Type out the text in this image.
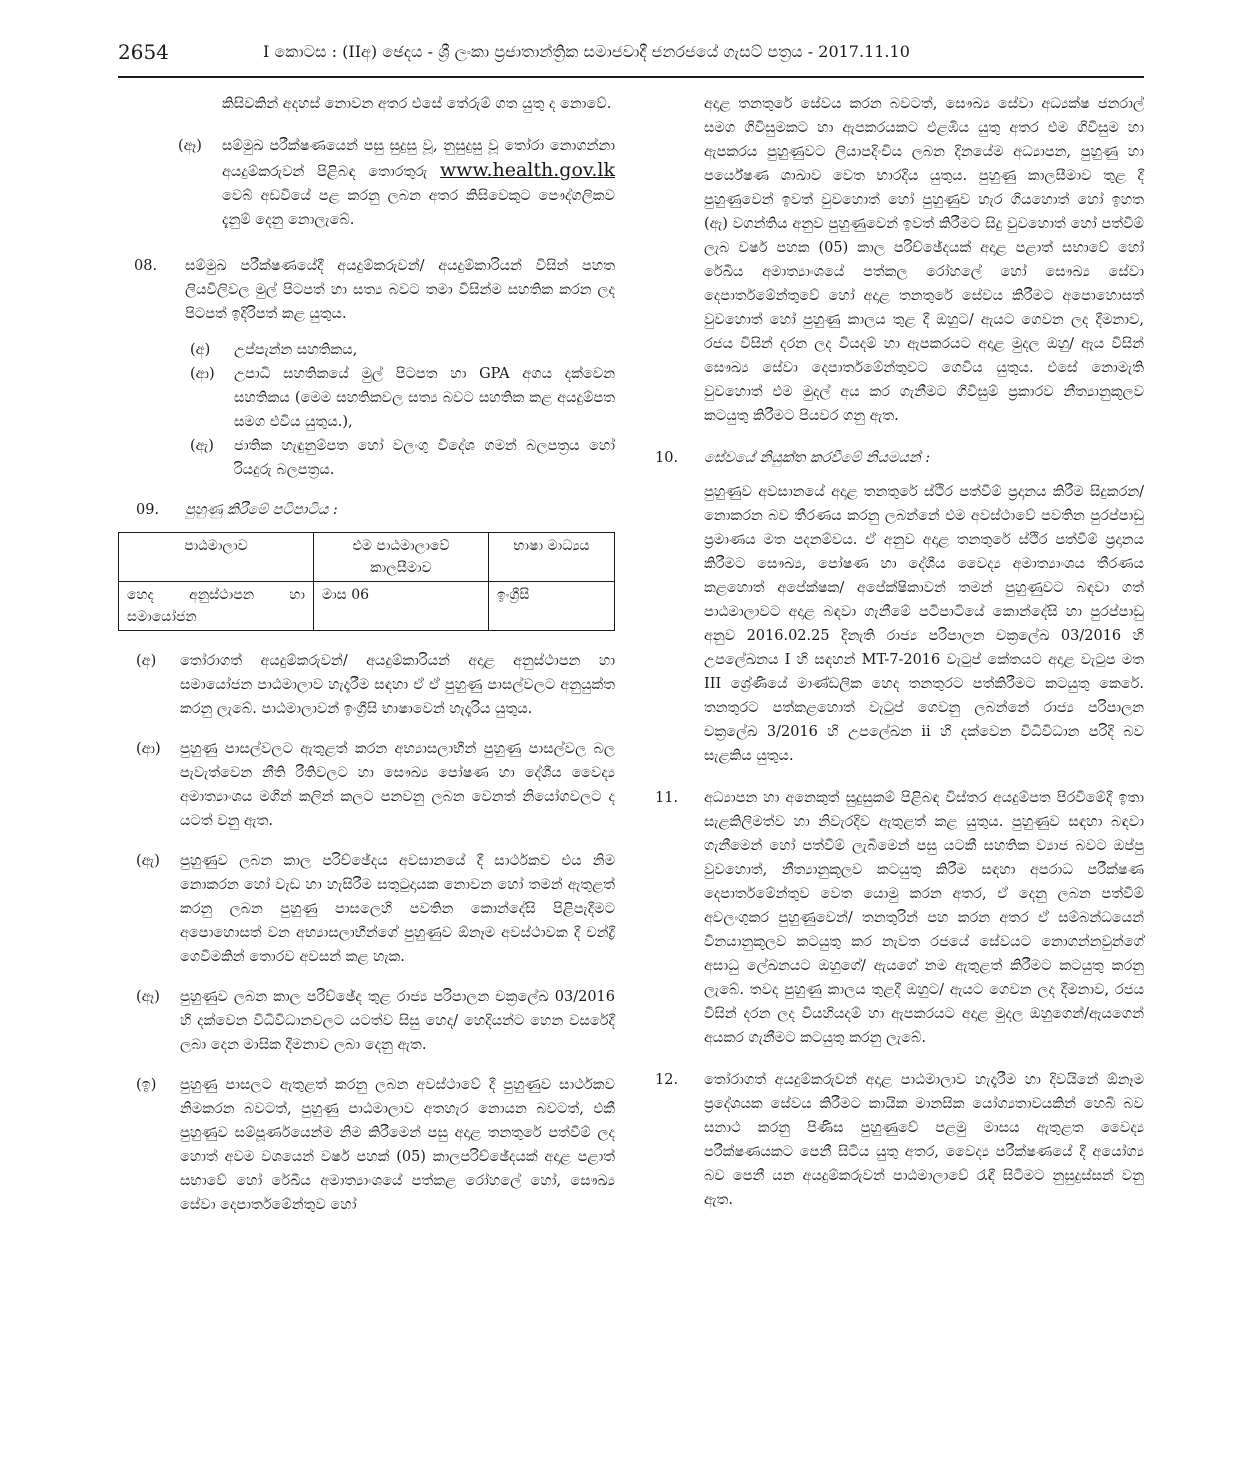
2654	I කොටස : (IIඅ) ඡෙදය - ශ්‍රී ලංකා ප්‍රජාතාන්ත්‍රික සමාජවාදී ජනරජයේ ගැසට් පත්‍රය - 2017.11.10

කිසිවකින් අදහස් නොවන අතර එසේ තේරුම් ගත යුතු ද නොවේ.

(ඈ)	සම්මුඛ පරීක්ෂණයෙන් පසු සුදුසු වූ, නුසුදුසු වූ තෝරා නොගන්නා අයදුම්කරුවන් පිළිබඳ තොරතුරු www.health.gov.lk වෙබ් අඩවියේ පළ කරනු ලබන අතර කිසිවෙකුට පෞද්ගලිකව දැනුම් දෙනු නොලැබේ.

08.	සම්මුඛ පරීක්ෂණයේදී අයදුම්කරුවන්/ අයදුම්කාරියන් විසින් පහත ලියවිලිවල මුල් පිටපත් හා සත්‍ය බවට තමා විසින්ම සහතික කරන ලද පිටපත් ඉදිරිපත් කළ යුතුය.

(අ)	උප්පැන්න සහතිකය,

(ආ)	උපාධි සහතිකයේ මුල් පිටපත හා GPA අගය දක්වෙන සහතිකය (මෙම සහතිකවල සත්‍ය බවට සහතික කළ අයදුම්පත සමග එවිය යුතුය.),

(ඇ)	ජාතික හැඳුනුම්පත හෝ වලංගු විදේශ ගමන් බලපත්‍රය හෝ රියදුරු බලපත්‍රය.

09.	පුහුණු කිරීමේ පටිපාටිය :

පාඨමාලාව	එම පාඨමාලාවේ කාලසීමාව	භාෂා මාධ්‍යය
හෙද අනුස්ථාපන හා සමායෝජන	මාස 06	ඉංග්‍රීසි
(අ)	තෝරාගත් අයදුම්කරුවන්/ අයදුම්කාරියන් අදාළ අනුස්ථාපන හා සමායෝජන පාඨමාලාව හැදෑරීම සඳහා ඒ ඒ පුහුණු පාසල්වලට අනුයුක්ත කරනු ලැබේ. පාඨමාලාවන් ඉංග්‍රීසි භාෂාවෙන් හැදෑරිය යුතුය.

(ආ)	පුහුණු පාසල්වලට ඇතුළත් කරන අභ්‍යාසලාභීන් පුහුණු පාසල්වල බල පැවැත්වෙන නීති රීතිවලට හා සෞඛ්‍ය පෝෂණ හා දේශීය වෛද්‍ය අමාත්‍යාංශය මගින් කලින් කලට පනවනු ලබන වෙනත් නියෝගවලට ද යටත් වනු ඇත.

(ඇ)	පුහුණුව ලබන කාල පරිච්ඡේදය අවසානයේ දී සාර්ථකව එය නිම නොකරන හෝ වැඩ හා හැසිරීම සතුටුදායක නොවන හෝ තමන් ඇතුළත් කරනු ලබන පුහුණු පාසලෙහි පවතින කොන්දේසි පිළිපැදීමට අපොහොසත් වන අභ්‍යාසලාභීන්ගේ පුහුණුව ඕනෑම අවස්ථාවක දී චන්ද්‍රී ගෙවීමකින් තොරව අවසන් කළ හැක.

(ඈ)	පුහුණුව ලබන කාල පරිච්ඡේද තුළ රාජ්‍ය පරිපාලන චක්‍රලේඛ 03/2016 හි දක්වෙන විධිවිධානවලට යටත්ව සිසු හෙද/ හෙදියන්ට හෙන වසරේදී ලබා දෙන මාසික දීමනාව ලබා දෙනු ඇත.

(ඉ)	පුහුණු පාසලට ඇතුළත් කරනු ලබන අවස්ථාවේ දී පුහුණුව සාර්ථකව නිමකරන බවටත්, පුහුණු පාඨමාලාව අතහැර නොයන බවටත්, එකී පුහුණුව සම්පූර්ණයෙන්ම නිම කිරීමෙන් පසු අදාළ තනතුරේ පත්වීම් ලද හොත් අවම වශයෙන් වර්ෂ පහක් (05) කාලපරිච්ඡේදයක් අදාළ පළාත් සභාවේ හෝ රේඛීය අමාත්‍යාංශයේ පත්කළ රෝහලේ හෝ, සෞඛ්‍ය සේවා දෙපාර්තමේන්තුව හෝ

අදාළ තනතුරේ සේවය කරන බවටත්, සෞඛ්‍ය සේවා අධ්‍යක්ෂ ජනරාල් සමග ගිවිසුමකට හා ඇපකරයකට එළඹිය යුතු අතර එම ගිවිසුම හා ඇපකරය පුහුණුවට ලියාපදිංචිය ලබන දිනයේම අධ්‍යාපන, පුහුණු හා පර්යේෂණ ශාඛාව වෙත භාරදිය යුතුය. පුහුණු කාලසීමාව තුළ දී පුහුණුවෙන් ඉවත් වුවහොත් හෝ පුහුණුව හැර ගියහොත් හෝ ඉහත (ඇ) වගන්තිය අනුව පුහුණුවෙන් ඉවත් කිරීමට සිදු වුවහොත් හෝ පත්වීම් ලැබ වර්ෂ පහක (05) කාල පරිච්ඡේදයක් අදාළ පළාත් සභාවේ හෝ රේඛීය අමාත්‍යාංශයේ පත්කල රෝහලේ හෝ සෞඛ්‍ය සේවා දෙපාර්තමේන්තුවේ හෝ අදාළ තනතුරේ සේවය කිරීමට අපොහොසත් වුවහොත් හෝ පුහුණු කාලය තුළ දී ඔහුට/ ඇයට ගෙවන ලද දීමනාව, රජය විසින් දරන ලද වියදම් හා ඇපකරයට අදාළ මුදල ඔහු/ ඇය විසින් සෞඛ්‍ය සේවා දෙපාර්තමේන්තුවට ගෙවිය යුතුය. එසේ නොමැති වුවහොත් එම මුදල් අය කර ගැනීමට ගිවිසුම් ප්‍රකාරව නීත්‍යානුකූලව කටයුතු කිරීමට පියවර ගනු ඇත.

10.	සේවයේ නියුක්ත කරවීමේ නියමයන් :

පුහුණුව අවසානයේ අදාළ තනතුරේ ස්ථිර පත්වීම් ප්‍රදානය කිරීම සිදුකරන/ නොකරන බව තීරණය කරනු ලබන්නේ එම අවස්ථාවේ පවතින පුරප්පාඩු ප්‍රමාණය මත පදනම්වය. ඒ අනුව අදාළ තනතුරේ ස්ථිර පත්වීම් ප්‍රදානය කිරීමට සෞඛ්‍ය, පෝෂණ හා දේශීය වෛද්‍ය අමාත්‍යාංශය තීරණය කළහොත් අපේක්ෂක/ අපේක්ෂිකාවන් තමන් පුහුණුවට බඳවා ගත් පාඨමාලාවට අදාළ බඳවා ගැනීමේ පටිපාටියේ කොන්දේසි හා පුරප්පාඩු අනුව 2016.02.25 දිනැති රාජ්‍ය පරිපාලන චක්‍රලේඛ 03/2016 හි උපලේඛනය I හි සඳහන් MT-7-2016 වැටුප් කේතයට අදාළ වැටුප මත III ශ්‍රේණියේ මාණ්ඩලික හෙද තනතුරට පත්කිරීමට කටයුතු කෙරේ. තනතුරට පත්කළහොත් වැටුප් ගෙවනු ලබන්නේ රාජ්‍ය පරිපාලන චක්‍රලේඛ 3/2016 හි උපලේඛන ii හි දක්වෙන විධිවිධාන පරිදි බව සැළකිය යුතුය.

11.	අධ්‍යාපන හා අනෙකුත් සුදුසුකම් පිළිබඳ විස්තර අයදුම්පත පිරවීමේදී ඉතා සැළකිලිමත්ව හා නිවැරදිව ඇතුළත් කළ යුතුය. පුහුණුව සඳහා බඳවා ගැනීමෙන් හෝ පත්වීම් ලැබීමෙන් පසු යටකී සහතික ව්‍යාජ බවට ඔප්පු වුවහොත්, නීත්‍යානුකූලව කටයුතු කිරීම සඳහා අපරාධ පරීක්ෂණ දෙපාර්තමේන්තුව වෙත යොමු කරන අතර, ඒ දෙනු ලබන පත්වීම් අවලංගුකර පුහුණුවෙන්/ තනතුරින් පහ කරන අතර ඒ සම්බන්ධයෙන් විනයානුකූලව කටයුතු කර නැවත රජයේ සේවයට නොගන්නවුන්ගේ අසාධු ලේඛනයට ඔහුගේ/ ඇයගේ නම ඇතුළත් කිරීමට කටයුතු කරනු ලැබේ. තවද පුහුණු කාලය තුළදී ඔහුට/ ඇයට ගෙවන ලද දීමනාව, රජය විසින් දරන ලද වියහියදම් හා ඇපකරයට අදාළ මුදල ඔහුගෙන්/ඇයගෙන් අයකර ගැනීමට කටයුතු කරනු ලැබේ.

12.	තෝරාගත් අයදුම්කරුවන් අදාළ පාඨමාලාව හැදෑරීම හා දිවයිනේ ඕනෑම ප්‍රදේශයක සේවය කිරීමට කායික මානසික යෝග්‍යතාවයකින් හෙබි බව සනාථ කරනු පිණිස පුහුණුවේ පළමු මාසය ඇතුළත වෛද්‍ය පරීක්ෂණයකට පෙනී සිටිය යුතු අතර, වෛද්‍ය පරීක්ෂණයේ දී අයෝග්‍ය බව පෙනී යන අයදුම්කරුවන් පාඨමාලාවේ රැඳී සිටීමට නුසුදුස්සන් වනු ඇත.
